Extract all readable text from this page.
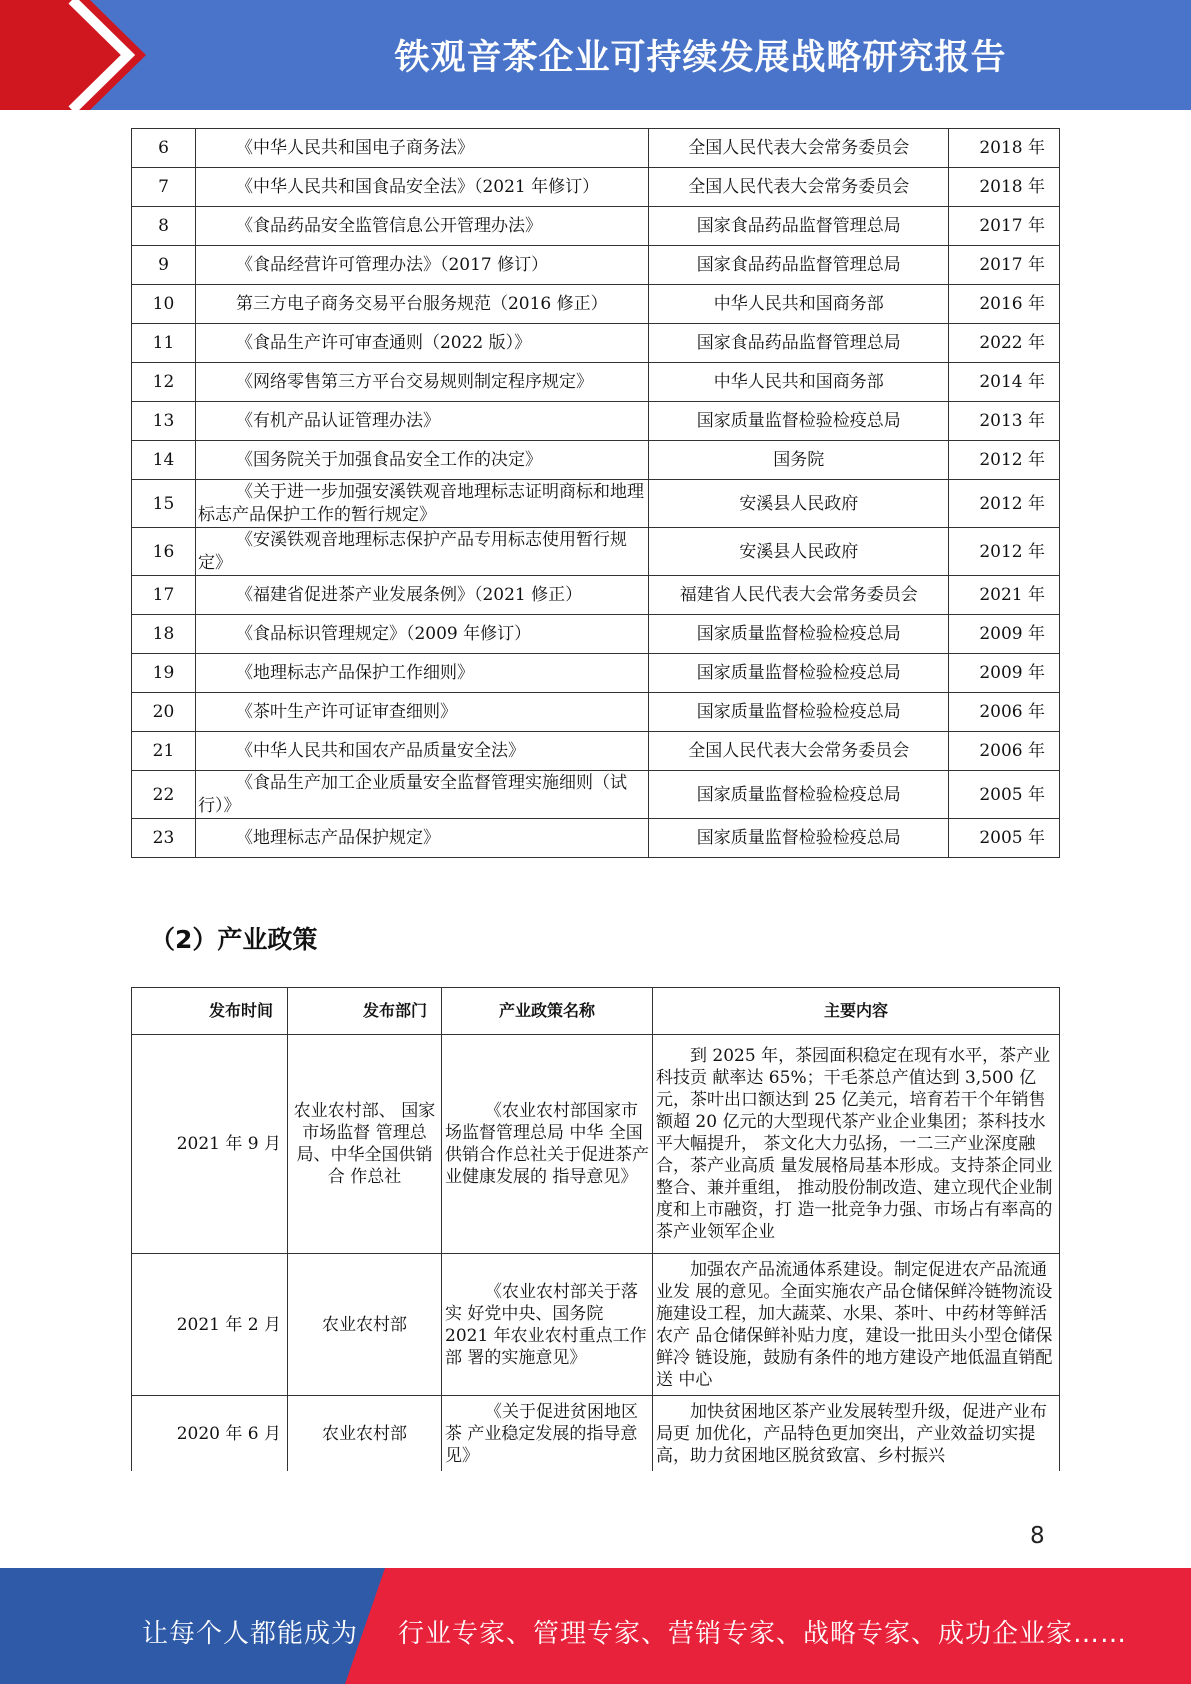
铁观音茶企业可持续发展战略研究报告
6	《中华人民共和国电子商务法》	全国人民代表大会常务委员会	2018 年
7	《中华人民共和国食品安全法》（2021 年修订）	全国人民代表大会常务委员会	2018 年
8	《食品药品安全监管信息公开管理办法》	国家食品药品监督管理总局	2017 年
9	《食品经营许可管理办法》（2017 修订）	国家食品药品监督管理总局	2017 年
10	第三方电子商务交易平台服务规范（2016 修正）	中华人民共和国商务部	2016 年
11	《食品生产许可审查通则（2022 版）》	国家食品药品监督管理总局	2022 年
12	《网络零售第三方平台交易规则制定程序规定》	中华人民共和国商务部	2014 年
13	《有机产品认证管理办法》	国家质量监督检验检疫总局	2013 年
14	《国务院关于加强食品安全工作的决定》	国务院	2012 年
15	《关于进一步加强安溪铁观音地理标志证明商标和地理 标志产品保护工作的暂行规定》	安溪县人民政府	2012 年
16	《安溪铁观音地理标志保护产品专用标志使用暂行规定》	安溪县人民政府	2012 年
17	《福建省促进茶产业发展条例》（2021 修正）	福建省人民代表大会常务委员会	2021 年
18	《食品标识管理规定》（2009 年修订）	国家质量监督检验检疫总局	2009 年
19	《地理标志产品保护工作细则》	国家质量监督检验检疫总局	2009 年
20	《茶叶生产许可证审查细则》	国家质量监督检验检疫总局	2006 年
21	《中华人民共和国农产品质量安全法》	全国人民代表大会常务委员会	2006 年
22	《食品生产加工企业质量安全监督管理实施细则（试行）》	国家质量监督检验检疫总局	2005 年
23	《地理标志产品保护规定》	国家质量监督检验检疫总局	2005 年
（2）产业政策
发布时间	发布部门	产业政策名称	主要内容
2021 年 9 月	农业农村部、 国家市场监督 管理总局、中华全国供销合 作总社	《农业农村部国家市场监督管理总局 中华 全国供销合作总社关于促进茶产业健康发展的 指导意见》	到 2025 年，茶园面积稳定在现有水平，茶产业科技贡 献率达 65%；干毛茶总产值达到 3,500 亿元，茶叶出口额达到 25 亿美元，培育若干个年销售额超 20 亿元的大型现代茶产业企业集团；茶科技水平大幅提升， 茶文化大力弘扬，一二三产业深度融合，茶产业高质 量发展格局基本形成。支持茶企同业整合、兼并重组， 推动股份制改造、建立现代企业制度和上市融资，打 造一批竞争力强、市场占有率高的茶产业领军企业
2021 年 2 月	农业农村部	《农业农村部关于落实 好党中央、国务院 2021 年农业农村重点工作部 署的实施意见》	加强农产品流通体系建设。制定促进农产品流通业发 展的意见。全面实施农产品仓储保鲜冷链物流设施建设工程，加大蔬菜、水果、茶叶、中药材等鲜活农产 品仓储保鲜补贴力度，建设一批田头小型仓储保鲜冷 链设施，鼓励有条件的地方建设产地低温直销配送 中心
2020 年 6 月	农业农村部	《关于促进贫困地区茶 产业稳定发展的指导意 见》	加快贫困地区茶产业发展转型升级，促进产业布局更 加优化，产品特色更加突出，产业效益切实提高，助力贫困地区脱贫致富、乡村振兴
8
让每个人都能成为 行业专家、管理专家、营销专家、战略专家、成功企业家……
